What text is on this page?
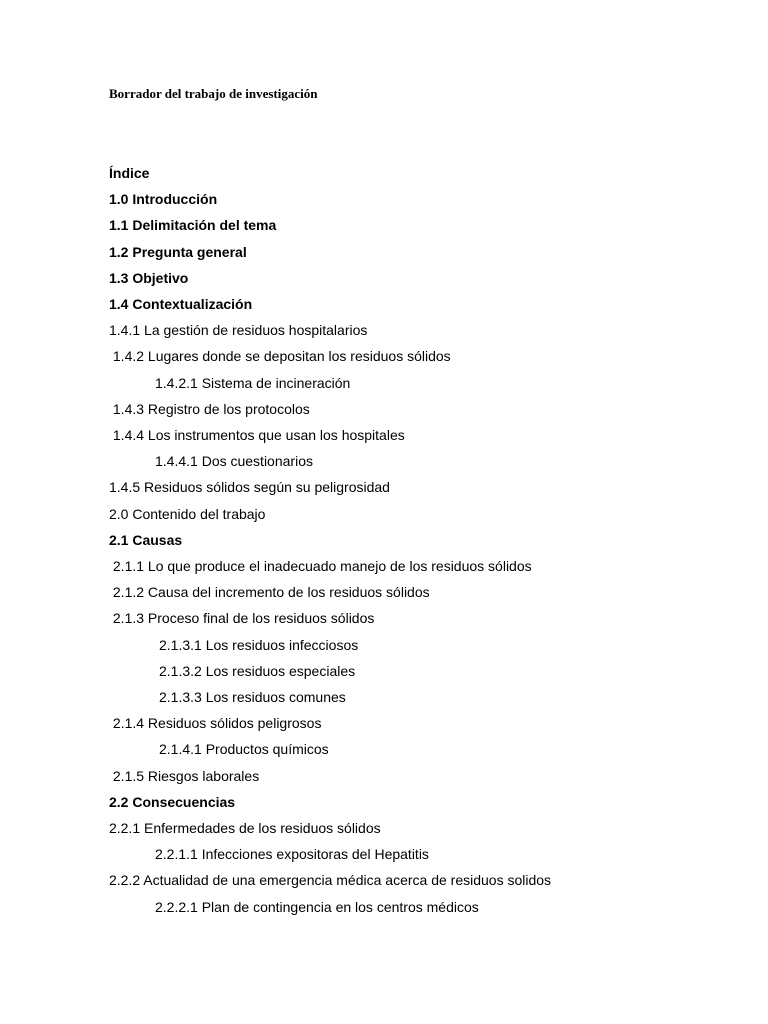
Borrador del trabajo de investigación
Índice
1.0 Introducción
1.1 Delimitación del tema
1.2 Pregunta general
1.3 Objetivo
1.4 Contextualización
1.4.1 La gestión de residuos hospitalarios
1.4.2 Lugares donde se depositan los residuos sólidos
1.4.2.1 Sistema de incineración
1.4.3 Registro de los protocolos
1.4.4 Los instrumentos que usan los hospitales
1.4.4.1 Dos cuestionarios
1.4.5 Residuos sólidos según su peligrosidad
2.0 Contenido del trabajo
2.1 Causas
2.1.1 Lo que produce el inadecuado manejo de los residuos sólidos
2.1.2 Causa del incremento de los residuos sólidos
2.1.3 Proceso final de los residuos sólidos
2.1.3.1 Los residuos infecciosos
2.1.3.2 Los residuos especiales
2.1.3.3 Los residuos comunes
2.1.4 Residuos sólidos peligrosos
2.1.4.1 Productos químicos
2.1.5 Riesgos laborales
2.2 Consecuencias
2.2.1 Enfermedades de los residuos sólidos
2.2.1.1 Infecciones expositoras del Hepatitis
2.2.2 Actualidad de una emergencia médica acerca de residuos solidos
2.2.2.1 Plan de contingencia en los centros médicos
